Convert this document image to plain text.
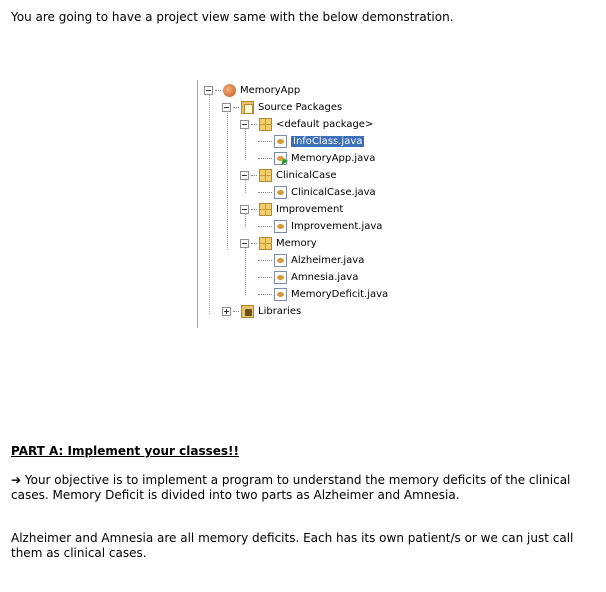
You are going to have a project view same with the below demonstration.

MemoryApp
Source Packages
<default package>
InfoClass.java
MemoryApp.java
ClinicalCase
ClinicalCase.java
Improvement
Improvement.java
Memory
Alzheimer.java
Amnesia.java
MemoryDeficit.java
Libraries

PART A: Implement your classes!!

➔ Your objective is to implement a program to understand the memory deficits of the clinical cases. Memory Deficit is divided into two parts as Alzheimer and Amnesia.

Alzheimer and Amnesia are all memory deficits. Each has its own patient/s or we can just call them as clinical cases.
